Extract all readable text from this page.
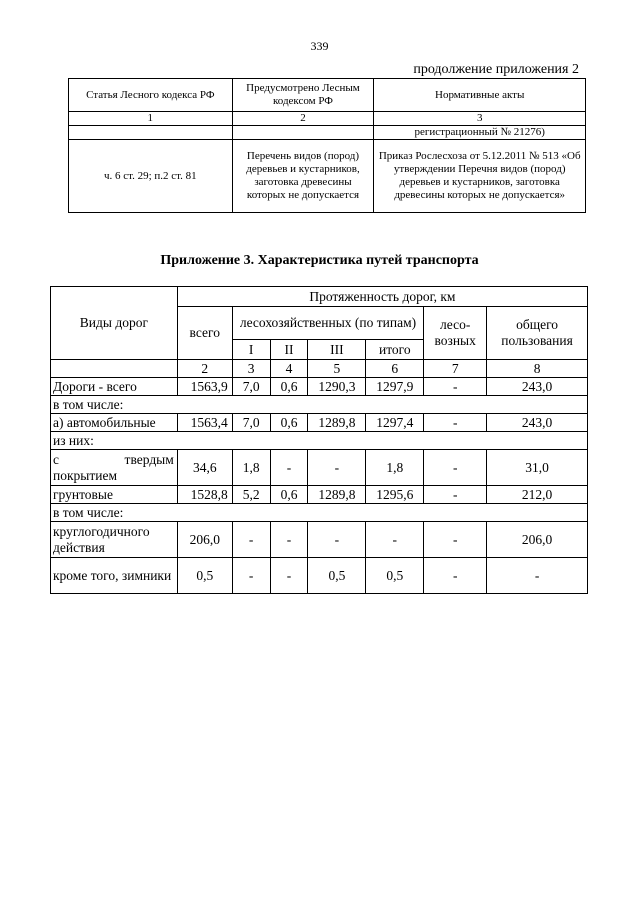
339
продолжение приложения 2
Статья Лесного кодекса РФ	Предусмотрено Лесным кодексом РФ	Нормативные акты
1	2	3
		регистрационный № 21276)
ч. 6 ст. 29; п.2 ст. 81	Перечень видов (пород) деревьев и кустарников, заготовка древесины которых не допускается	Приказ Рослесхоза от 5.12.2011 № 513 «Об утверждении Перечня видов (пород) деревьев и кустарников, заготовка древесины которых не допускается»
Приложение 3. Характеристика путей транспорта
Виды дорог	Протяженность дорог, км						
	всего	лесохозяйственных (по типам)				лесо-возных	общего пользования
		I	II	III	итого		
	2	3	4	5	6	7	8
Дороги - всего	1563,9	7,0	0,6	1290,3	1297,9	-	243,0
в том числе:							
а) автомобильные	1563,4	7,0	0,6	1289,8	1297,4	-	243,0
из них:							
с твердым покрытием	34,6	1,8	-	-	1,8	-	31,0
грунтовые	1528,8	5,2	0,6	1289,8	1295,6	-	212,0
в том числе:							
круглогодичного действия	206,0	-	-	-	-	-	206,0
кроме того, зимники	0,5	-	-	0,5	0,5	-	-
